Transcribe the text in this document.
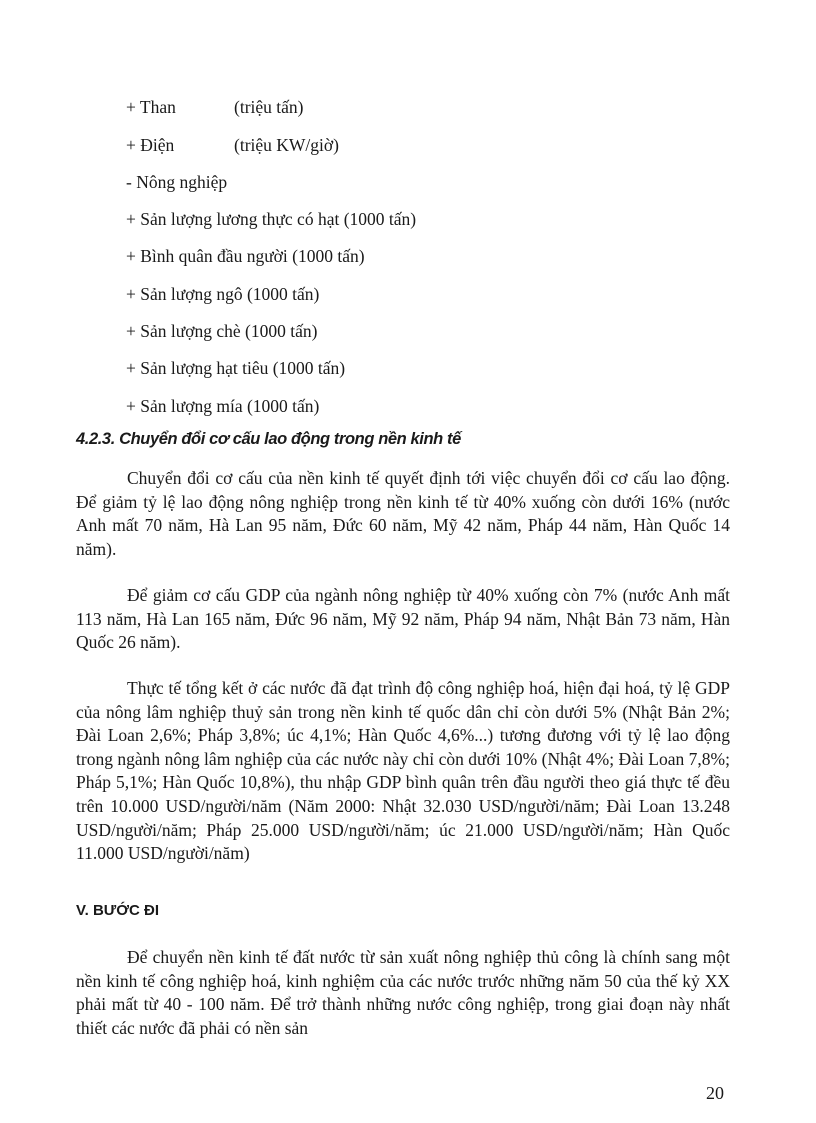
+ Than	(triệu tấn)
+ Điện	(triệu KW/giờ)
- Nông nghiệp
+ Sản lượng lương thực có hạt (1000 tấn)
+ Bình quân đầu người (1000 tấn)
+ Sản lượng ngô (1000 tấn)
+ Sản lượng chè (1000 tấn)
+ Sản lượng hạt tiêu (1000 tấn)
+ Sản lượng mía (1000 tấn)
4.2.3. Chuyển đổi cơ cấu lao động trong nền kinh tế

Chuyển đổi cơ cấu của nền kinh tế quyết định tới việc chuyển đổi cơ cấu lao động. Để giảm tỷ lệ lao động nông nghiệp trong nền kinh tế từ 40% xuống còn dưới 16% (nước Anh mất 70 năm, Hà Lan 95 năm, Đức 60 năm, Mỹ 42 năm, Pháp 44 năm, Hàn Quốc 14 năm).

Để giảm cơ cấu GDP của ngành nông nghiệp từ 40% xuống còn 7% (nước Anh mất 113 năm, Hà Lan 165 năm, Đức 96 năm, Mỹ 92 năm, Pháp 94 năm, Nhật Bản 73 năm, Hàn Quốc 26 năm).

Thực tế tổng kết ở các nước đã đạt trình độ công nghiệp hoá, hiện đại hoá, tỷ lệ GDP của nông lâm nghiệp thuỷ sản trong nền kinh tế quốc dân chỉ còn dưới 5% (Nhật Bản 2%; Đài Loan 2,6%; Pháp 3,8%; úc 4,1%; Hàn Quốc 4,6%...) tương đương với tỷ lệ lao động trong ngành nông lâm nghiệp của các nước này chỉ còn dưới 10% (Nhật 4%; Đài Loan 7,8%; Pháp 5,1%; Hàn Quốc 10,8%), thu nhập GDP bình quân trên đầu người theo giá thực tế đều trên 10.000 USD/người/năm (Năm 2000: Nhật 32.030 USD/người/năm; Đài Loan 13.248 USD/người/năm; Pháp 25.000 USD/người/năm; úc 21.000 USD/người/năm; Hàn Quốc 11.000 USD/người/năm)

V. BƯỚC ĐI

Để chuyển nền kinh tế đất nước từ sản xuất nông nghiệp thủ công là chính sang một nền kinh tế công nghiệp hoá, kinh nghiệm của các nước trước những năm 50 của thế kỷ XX phải mất từ 40 - 100 năm. Để trở thành những nước công nghiệp, trong giai đoạn này nhất thiết các nước đã phải có nền sản

20
